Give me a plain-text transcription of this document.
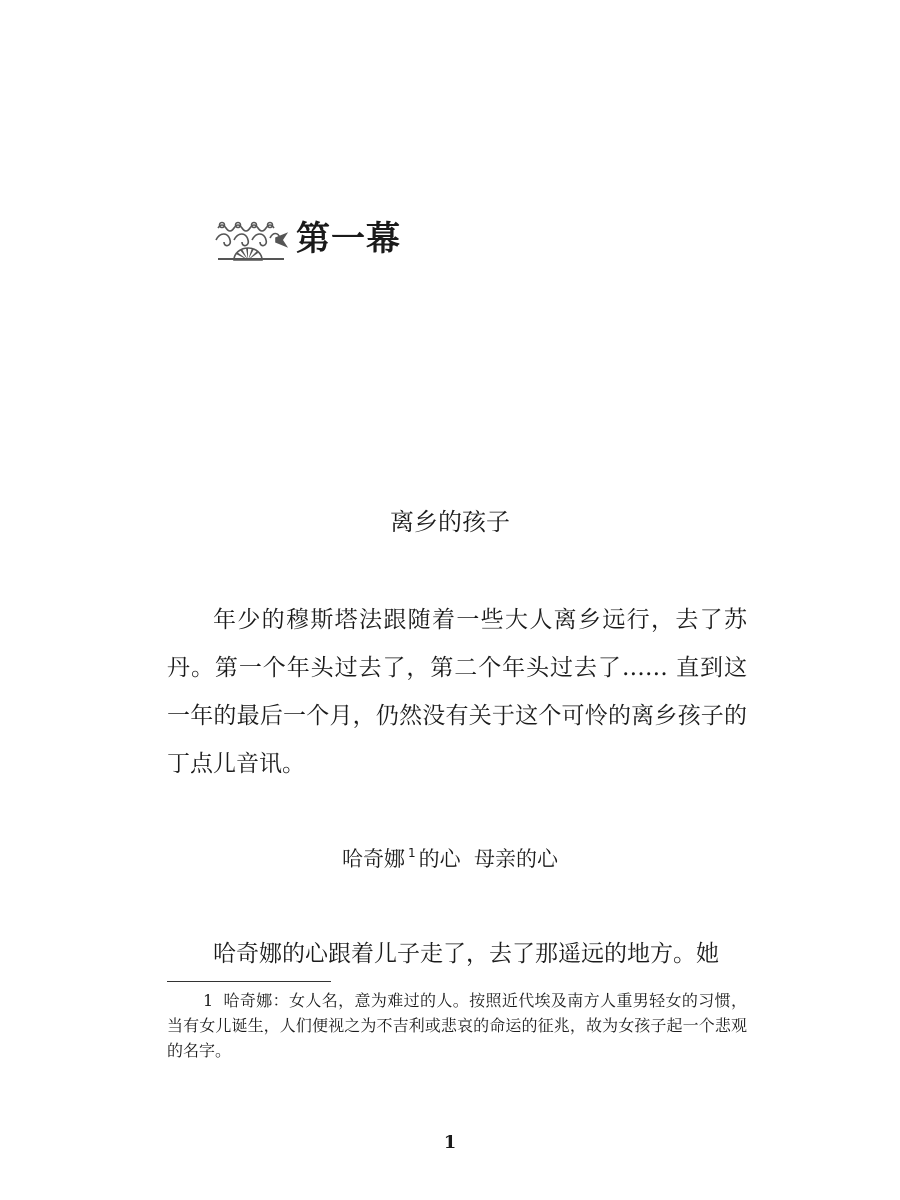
第一幕
离乡的孩子

年少的穆斯塔法跟随着一些大人离乡远行，去了苏丹。第一个年头过去了，第二个年头过去了…… 直到这一年的最后一个月，仍然没有关于这个可怜的离乡孩子的丁点儿音讯。

哈奇娜 $^1$ 的心  母亲的心

哈奇娜的心跟着儿子走了，去了那遥远的地方。她

1 哈奇娜：女人名，意为难过的人。按照近代埃及南方人重男轻女的习惯，当有女儿诞生，人们便视之为不吉利或悲哀的命运的征兆，故为女孩子起一个悲观的名字。

1
